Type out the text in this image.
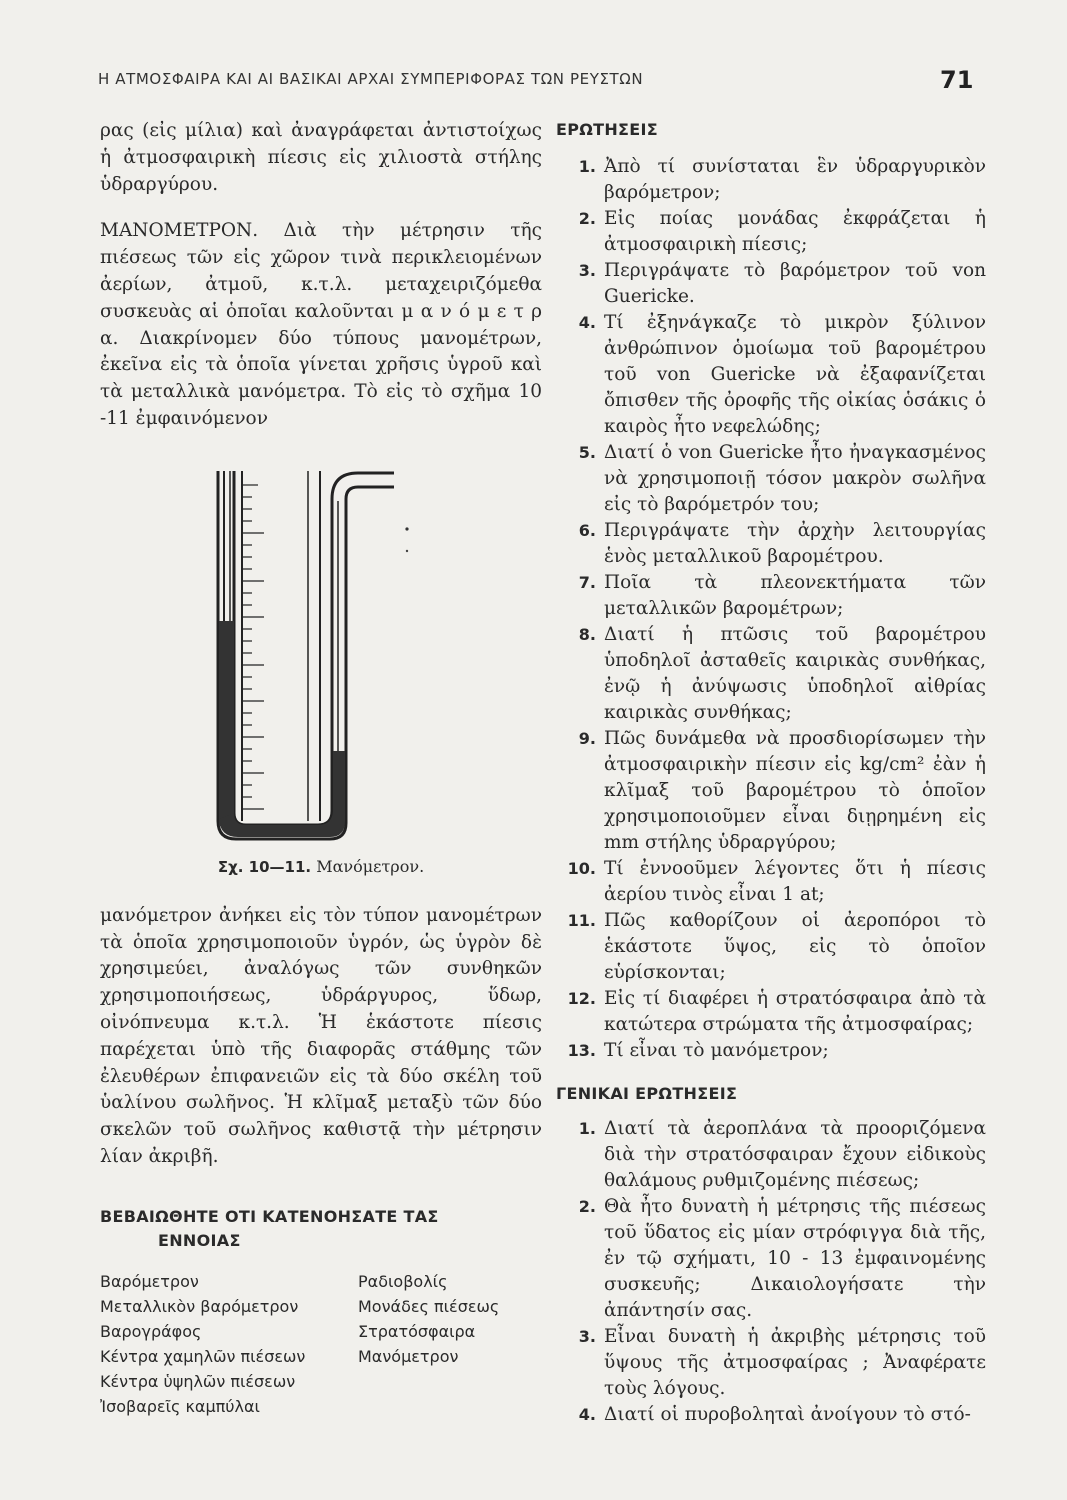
Η ΑΤΜΟΣΦΑΙΡΑ ΚΑΙ ΑΙ ΒΑΣΙΚΑΙ ΑΡΧΑΙ ΣΥΜΠΕΡΙΦΟΡΑΣ ΤΩΝ ΡΕΥΣΤΩΝ	71

ρας (εἰς μίλια) καὶ ἀναγράφεται ἀντιστοίχως ἡ ἀτμοσφαιρικὴ πίεσις εἰς χιλιοστὰ στήλης ὑδραργύρου.

ΜΑΝΟΜΕΤΡΟΝ. Διὰ τὴν μέτρησιν τῆς πιέσεως τῶν εἰς χῶρον τινὰ περικλειομένων ἀερίων, ἀτμοῦ, κ.τ.λ. μεταχειριζόμεθα συσκευὰς αἱ ὁποῖαι καλοῦνται μ α ν ό μ ε τ ρ α. Διακρίνομεν δύο τύπους μανομέτρων, ἐκεῖνα εἰς τὰ ὁποῖα γίνεται χρῆσις ὑγροῦ καὶ τὰ μεταλλικὰ μανόμετρα. Τὸ εἰς τὸ σχῆμα 10 -11 ἐμφαινόμενον

Σχ. 10—11. Μανόμετρον.

μανόμετρον ἀνήκει εἰς τὸν τύπον μανομέτρων τὰ ὁποῖα χρησιμοποιοῦν ὑγρόν, ὡς ὑγρὸν δὲ χρησιμεύει, ἀναλόγως τῶν συνθηκῶν χρησιμοποιήσεως, ὑδράργυρος, ὕδωρ, οἰνόπνευμα κ.τ.λ. Ἡ ἑκάστοτε πίεσις παρέχεται ὑπὸ τῆς διαφορᾶς στάθμης τῶν ἐλευθέρων ἐπιφανειῶν εἰς τὰ δύο σκέλη τοῦ ὑαλίνου σωλῆνος. Ἡ κλῖμαξ μεταξὺ τῶν δύο σκελῶν τοῦ σωλῆνος καθιστᾷ τὴν μέτρησιν λίαν ἀκριβῆ.

ΒΕΒΑΙΩΘΗΤΕ ΟΤΙ ΚΑΤΕΝΟΗΣΑΤΕ ΤΑΣ
ΕΝΝΟΙΑΣ
Βαρόμετρον	Ραδιοβολίς
Μεταλλικὸν βαρόμετρον	Μονάδες πιέσεως
Βαρογράφος	Στρατόσφαιρα
Κέντρα χαμηλῶν πιέσεων	Μανόμετρον
Κέντρα ὑψηλῶν πιέσεων
Ἰσοβαρεῖς καμπύλαι
ΕΡΩΤΗΣΕΙΣ
1. Ἀπὸ τί συνίσταται ἓν ὑδραργυρικὸν βαρόμετρον;
2. Εἰς ποίας μονάδας ἐκφράζεται ἡ ἀτμοσφαιρικὴ πίεσις;
3. Περιγράψατε τὸ βαρόμετρον τοῦ von Guericke.
4. Τί ἐξηνάγκαζε τὸ μικρὸν ξύλινον ἀνθρώπινον ὁμοίωμα τοῦ βαρομέτρου τοῦ von Guericke νὰ ἐξαφανίζεται ὄπισθεν τῆς ὀροφῆς τῆς οἰκίας ὁσάκις ὁ καιρὸς ἦτο νεφελώδης;
5. Διατί ὁ von Guericke ἦτο ἠναγκασμένος νὰ χρησιμοποιῇ τόσον μακρὸν σωλῆνα εἰς τὸ βαρόμετρόν του;
6. Περιγράψατε τὴν ἀρχὴν λειτουργίας ἑνὸς μεταλλικοῦ βαρομέτρου.
7. Ποῖα τὰ πλεονεκτήματα τῶν μεταλλικῶν βαρομέτρων;
8. Διατί ἡ πτῶσις τοῦ βαρομέτρου ὑποδηλοῖ ἀσταθεῖς καιρικὰς συνθήκας, ἐνῷ ἡ ἀνύψωσις ὑποδηλοῖ αἰθρίας καιρικὰς συνθήκας;
9. Πῶς δυνάμεθα νὰ προσδιορίσωμεν τὴν ἀτμοσφαιρικὴν πίεσιν εἰς kg/cm² ἐὰν ἡ κλῖμαξ τοῦ βαρομέτρου τὸ ὁποῖον χρησιμοποιοῦμεν εἶναι διῃρημένη εἰς mm στήλης ὑδραργύρου;
10. Τί ἐννοοῦμεν λέγοντες ὅτι ἡ πίεσις ἀερίου τινὸς εἶναι 1 at;
11. Πῶς καθορίζουν οἱ ἀεροπόροι τὸ ἑκάστοτε ὕψος, εἰς τὸ ὁποῖον εὑρίσκονται;
12. Εἰς τί διαφέρει ἡ στρατόσφαιρα ἀπὸ τὰ κατώτερα στρώματα τῆς ἀτμοσφαίρας;
13. Τί εἶναι τὸ μανόμετρον;
ΓΕΝΙΚΑΙ ΕΡΩΤΗΣΕΙΣ
1. Διατί τὰ ἀεροπλάνα τὰ προοριζόμενα διὰ τὴν στρατόσφαιραν ἔχουν εἰδικοὺς θαλάμους ρυθμιζομένης πιέσεως;
2. Θὰ ἦτο δυνατὴ ἡ μέτρησις τῆς πιέσεως τοῦ ὕδατος εἰς μίαν στρόφιγγα διὰ τῆς, ἐν τῷ σχήματι, 10 - 13 ἐμφαινομένης συσκευῆς; Δικαιολογήσατε τὴν ἀπάντησίν σας.
3. Εἶναι δυνατὴ ἡ ἀκριβὴς μέτρησις τοῦ ὕψους τῆς ἀτμοσφαίρας ; Ἀναφέρατε τοὺς λόγους.
4. Διατί οἱ πυροβοληταὶ ἀνοίγουν τὸ στό-
